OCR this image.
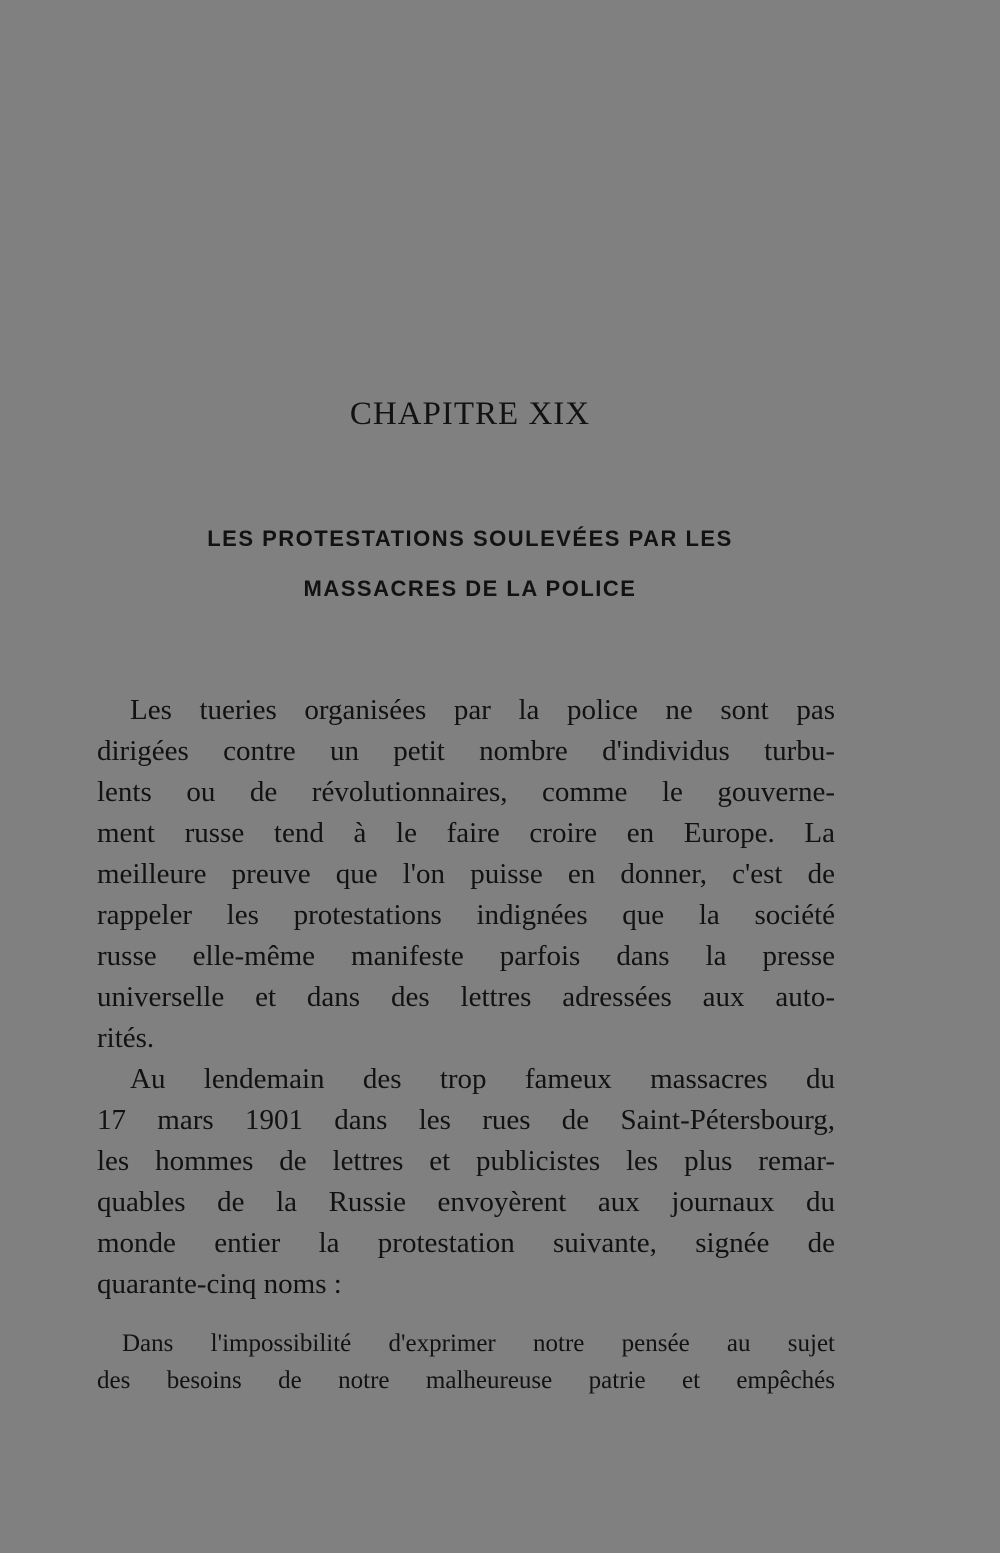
CHAPITRE XIX
LES PROTESTATIONS SOULEVÉES PAR LES
MASSACRES DE LA POLICE
Les tueries organisées par la police ne sont pas
dirigées contre un petit nombre d'individus turbu-
lents ou de révolutionnaires, comme le gouverne-
ment russe tend à le faire croire en Europe. La
meilleure preuve que l'on puisse en donner, c'est de
rappeler les protestations indignées que la société
russe elle-même manifeste parfois dans la presse
universelle et dans des lettres adressées aux auto-
rités.
Au lendemain des trop fameux massacres du
17 mars 1901 dans les rues de Saint-Pétersbourg,
les hommes de lettres et publicistes les plus remar-
quables de la Russie envoyèrent aux journaux du
monde entier la protestation suivante, signée de
quarante-cinq noms :
Dans l'impossibilité d'exprimer notre pensée au sujet
des besoins de notre malheureuse patrie et empêchés
